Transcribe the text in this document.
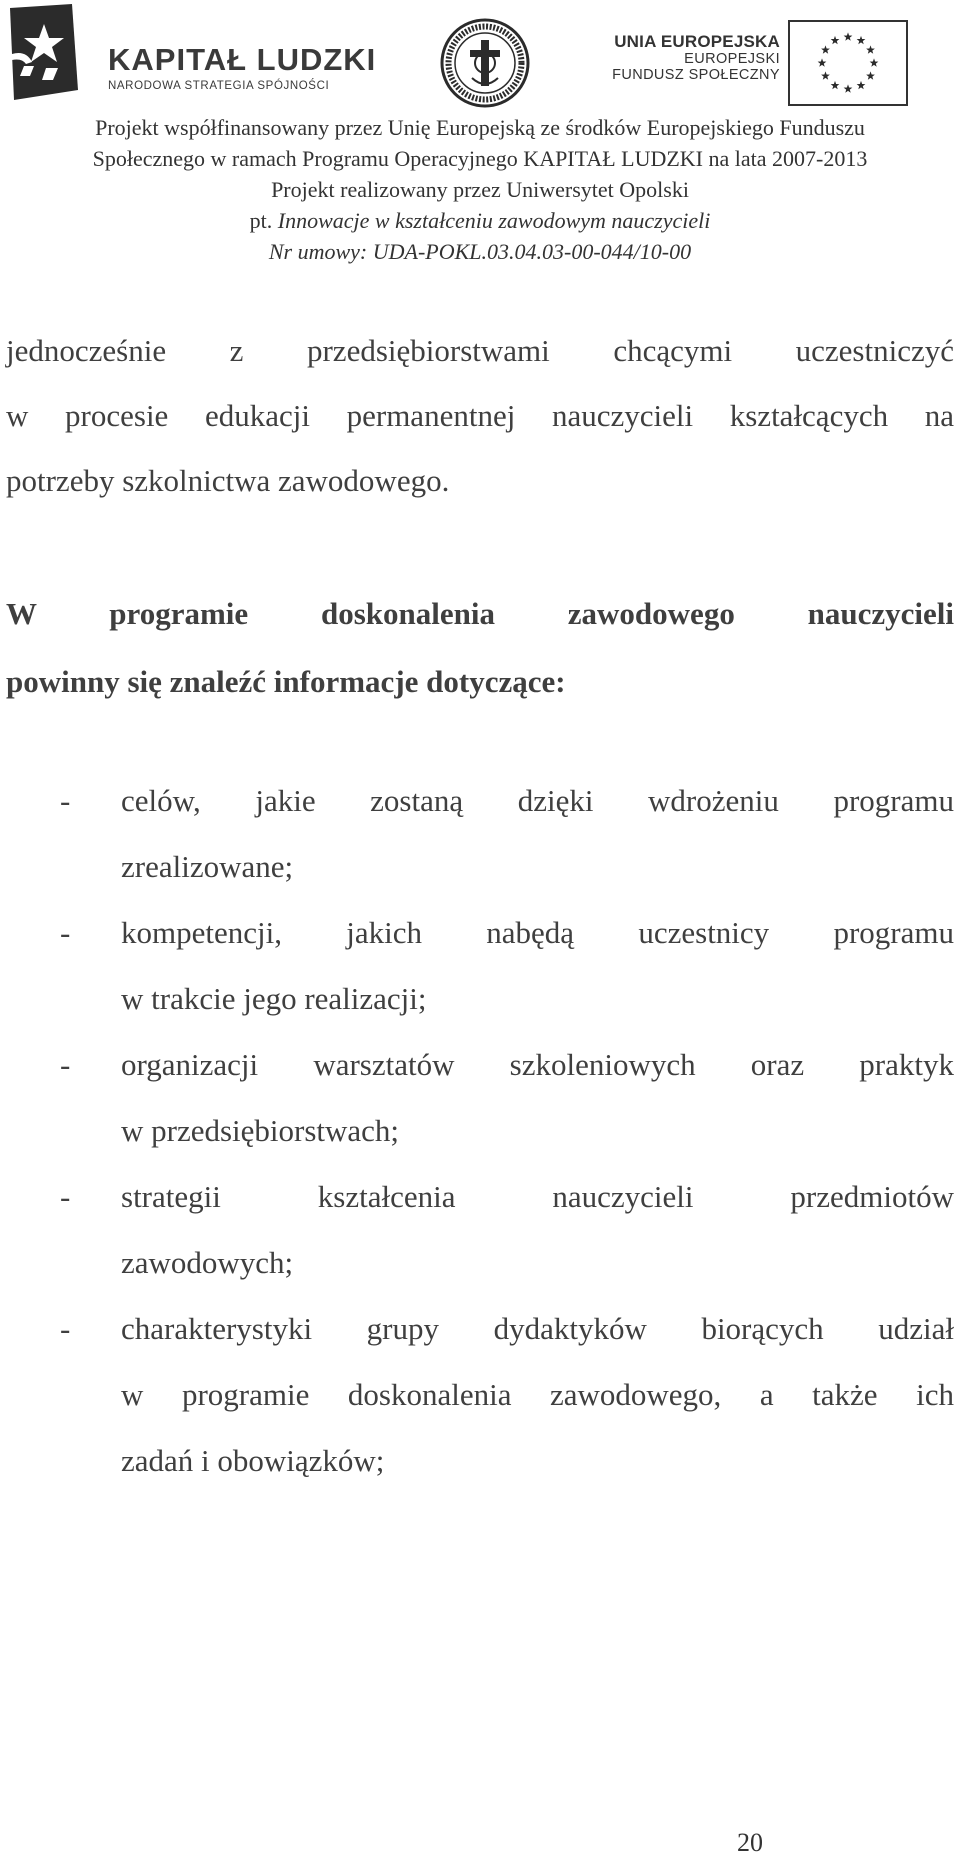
KAPITAŁ LUDZKI
NARODOWA STRATEGIA SPÓJNOŚCI
UNIA EUROPEJSKA
EUROPEJSKI
FUNDUSZ SPOŁECZNY
Projekt współfinansowany przez Unię Europejską ze środków Europejskiego Funduszu
Społecznego w ramach Programu Operacyjnego KAPITAŁ LUDZKI na lata 2007-2013
Projekt realizowany przez Uniwersytet Opolski
pt. Innowacje w kształceniu zawodowym nauczycieli
Nr umowy: UDA-POKL.03.04.03-00-044/10-00
jednocześnie z przedsiębiorstwami chcącymi uczestniczyć
w procesie edukacji permanentnej nauczycieli kształcących na
potrzeby szkolnictwa zawodowego.
W programie doskonalenia zawodowego nauczycieli
powinny się znaleźć informacje dotyczące:
- celów, jakie zostaną dzięki wdrożeniu programu
zrealizowane;
- kompetencji, jakich nabędą uczestnicy programu
w trakcie jego realizacji;
- organizacji warsztatów szkoleniowych oraz praktyk
w przedsiębiorstwach;
- strategii kształcenia nauczycieli przedmiotów
zawodowych;
- charakterystyki grupy dydaktyków biorących udział
w programie doskonalenia zawodowego, a także ich
zadań i obowiązków;
20
